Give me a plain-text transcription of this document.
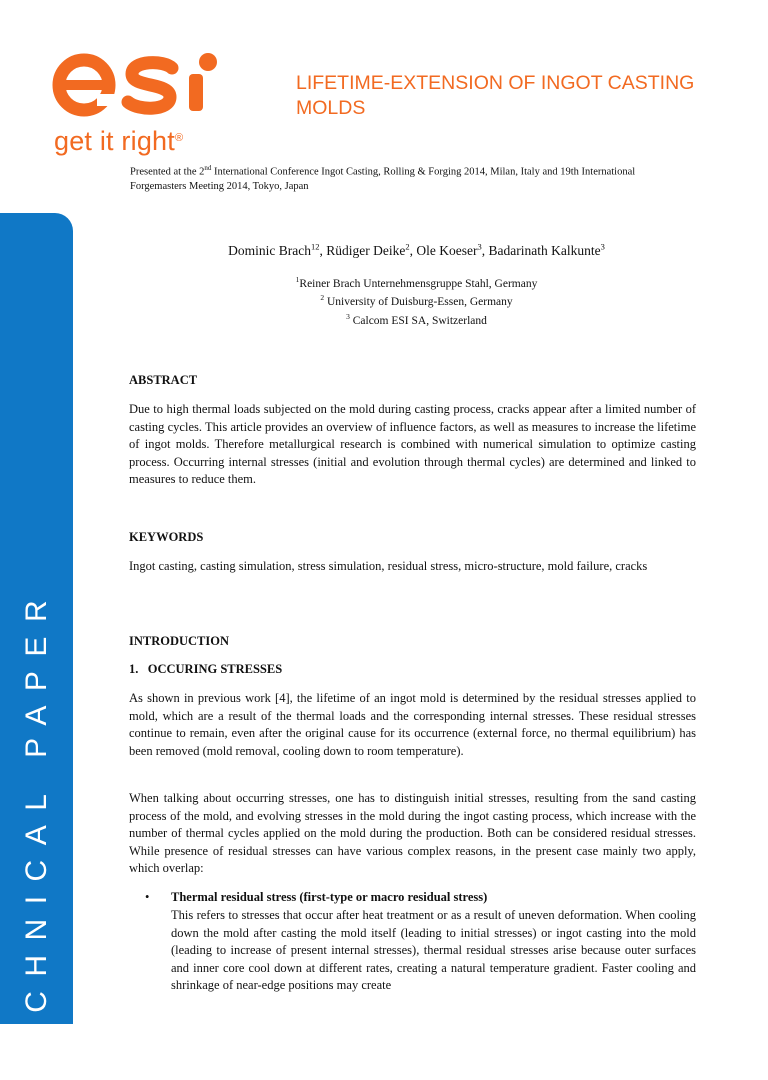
get it right®
LIFETIME-EXTENSION OF INGOT CASTING MOLDS
Presented at the 2nd International Conference Ingot Casting, Rolling & Forging 2014, Milan, Italy and 19th International Forgemasters Meeting 2014, Tokyo, Japan
TECHNICAL PAPER
Dominic Brach$^{12}$, Rüdiger Deike$^2$, Ole Koeser$^3$, Badarinath Kalkunte$^3$
$^1$Reiner Brach Unternehmensgruppe Stahl, Germany
$^2$ University of Duisburg-Essen, Germany
$^3$ Calcom ESI SA, Switzerland
ABSTRACT
Due to high thermal loads subjected on the mold during casting process, cracks appear after a limited number of casting cycles. This article provides an overview of influence factors, as well as measures to increase the lifetime of ingot molds. Therefore metallurgical research is combined with numerical simulation to optimize casting process. Occurring internal stresses (initial and evolution through thermal cycles) are determined and linked to measures to reduce them.
KEYWORDS
Ingot casting, casting simulation, stress simulation, residual stress, micro-structure, mold failure, cracks
INTRODUCTION
1.   OCCURING STRESSES
As shown in previous work [4], the lifetime of an ingot mold is determined by the residual stresses applied to mold, which are a result of the thermal loads and the corresponding internal stresses. These residual stresses continue to remain, even after the original cause for its occurrence (external force, no thermal equilibrium) has been removed (mold removal, cooling down to room temperature).
When talking about occurring stresses, one has to distinguish initial stresses, resulting from the sand casting process of the mold, and evolving stresses in the mold during the ingot casting process, which increase with the number of thermal cycles applied on the mold during the production. Both can be considered residual stresses. While presence of residual stresses can have various complex reasons, in the present case mainly two apply, which overlap:
• Thermal residual stress (first-type or macro residual stress)
This refers to stresses that occur after heat treatment or as a result of uneven deformation. When cooling down the mold after casting the mold itself (leading to initial stresses) or ingot casting into the mold (leading to increase of present internal stresses), thermal residual stresses arise because outer surfaces and inner core cool down at different rates, creating a natural temperature gradient. Faster cooling and shrinkage of near-edge positions may create
